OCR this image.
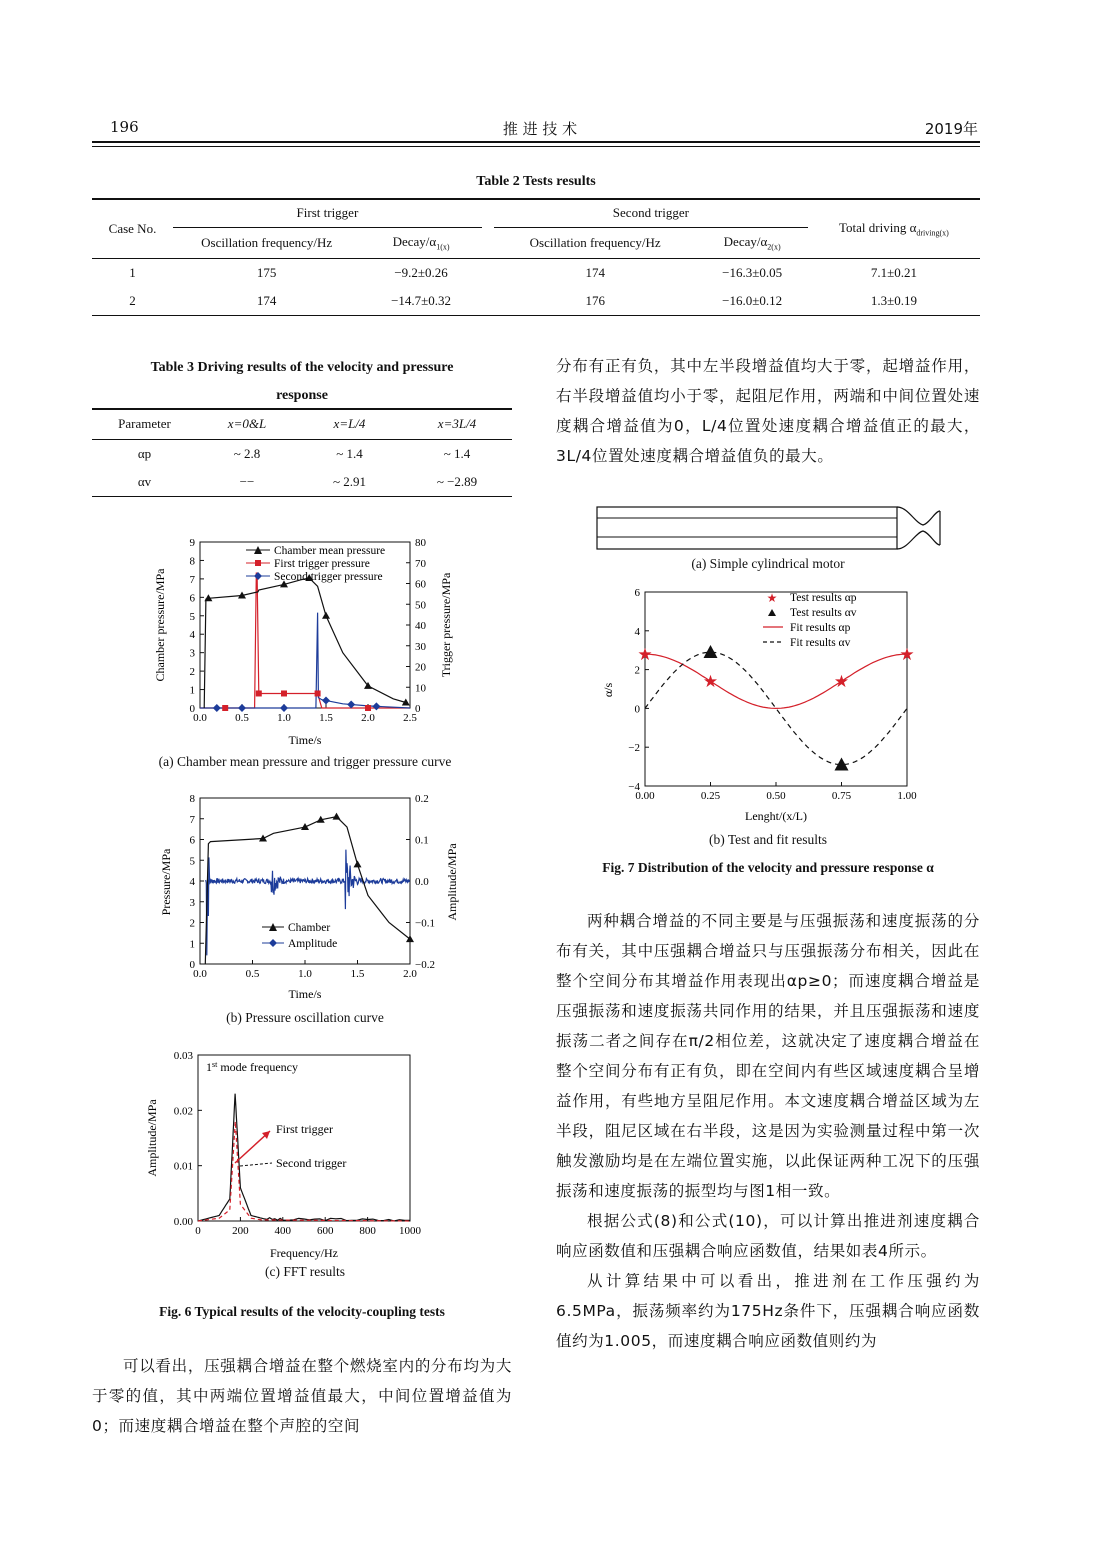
196	推 进 技 术	2019年
Table 2 Tests results
Case No.	First trigger			Second trigger		Total driving $\alpha_{driving(x)}$
	Oscillation frequency/Hz	Decay/$\alpha_{1(x)}$		Oscillation frequency/Hz	Decay/$\alpha_{2(x)}$
1	175	−9.2±0.26		174	−16.3±0.05	7.1±0.21
2	174	−14.7±0.32		176	−16.0±0.12	1.3±0.19
Table 3 Driving results of the velocity and pressure
response
Parameter	x=0&L	x=L/4	x=3L/4
αp	~ 2.8	~ 1.4	~ 1.4
αv	−−	~ 2.91	~ −2.89
0.0	0.5	1.0	1.5	2.0	2.5
0
1
2
3
4
5
6
7
8
9
0
10
20
30
40
50
60
70
80
Chamber pressure/MPa	Trigger pressure/MPa
Time/s
Chamber mean pressure
First trigger pressure
Second trigger pressure
(a) Chamber mean pressure and trigger pressure curve
0.0	0.5	1.0	1.5	2.0
0
1
2
3
4
5
6
7
8
−0.2
−0.1
0.0
0.1
0.2
Pressure/MPa	Amplitude/MPa
Time/s
Chamber
Amplitude
(b) Pressure oscillation curve
0	200 400 600 800 1000
0.00
0.01
0.02
0.03
Amplitude/MPa
Frequency/Hz
1st mode frequency
First trigger
Second trigger
(c) FFT results
Fig. 6 Typical results of the velocity-coupling tests
可以看出，压强耦合增益在整个燃烧室内的分布均为大于零的值，其中两端位置增益值最大，中间位置增益值为0；而速度耦合增益在整个声腔的空间
分布有正有负，其中左半段增益值均大于零，起增益作用，右半段增益值均小于零，起阻尼作用，两端和中间位置处速度耦合增益值为0，L/4位置处速度耦合增益值正的最大，3L/4位置处速度耦合增益值负的最大。
(a) Simple cylindrical motor
0.00	0.25	0.50	0.75	1.00
−4
−2
0
2
4
6
★
★	★
★
α/s
Lenght/(x/L)
★ Test results αp
Test results αv
Fit results αp
Fit results αv
(b) Test and fit results
Fig. 7 Distribution of the velocity and pressure response α

两种耦合增益的不同主要是与压强振荡和速度振荡的分布有关，其中压强耦合增益只与压强振荡分布相关，因此在整个空间分布其增益作用表现出αp≥0；而速度耦合增益是压强振荡和速度振荡共同作用的结果，并且压强振荡和速度振荡二者之间存在π/2相位差，这就决定了速度耦合增益在整个空间分布有正有负，即在空间内有些区域速度耦合呈增益作用，有些地方呈阻尼作用。本文速度耦合增益区域为左半段，阻尼区域在右半段，这是因为实验测量过程中第一次触发激励均是在左端位置实施，以此保证两种工况下的压强振荡和速度振荡的振型均与图1相一致。

根据公式(8)和公式(10)，可以计算出推进剂速度耦合响应函数值和压强耦合响应函数值，结果如表4所示。

从计算结果中可以看出，推进剂在工作压强约为6.5MPa，振荡频率约为175Hz条件下，压强耦合响应函数值约为1.005，而速度耦合响应函数值则约为
